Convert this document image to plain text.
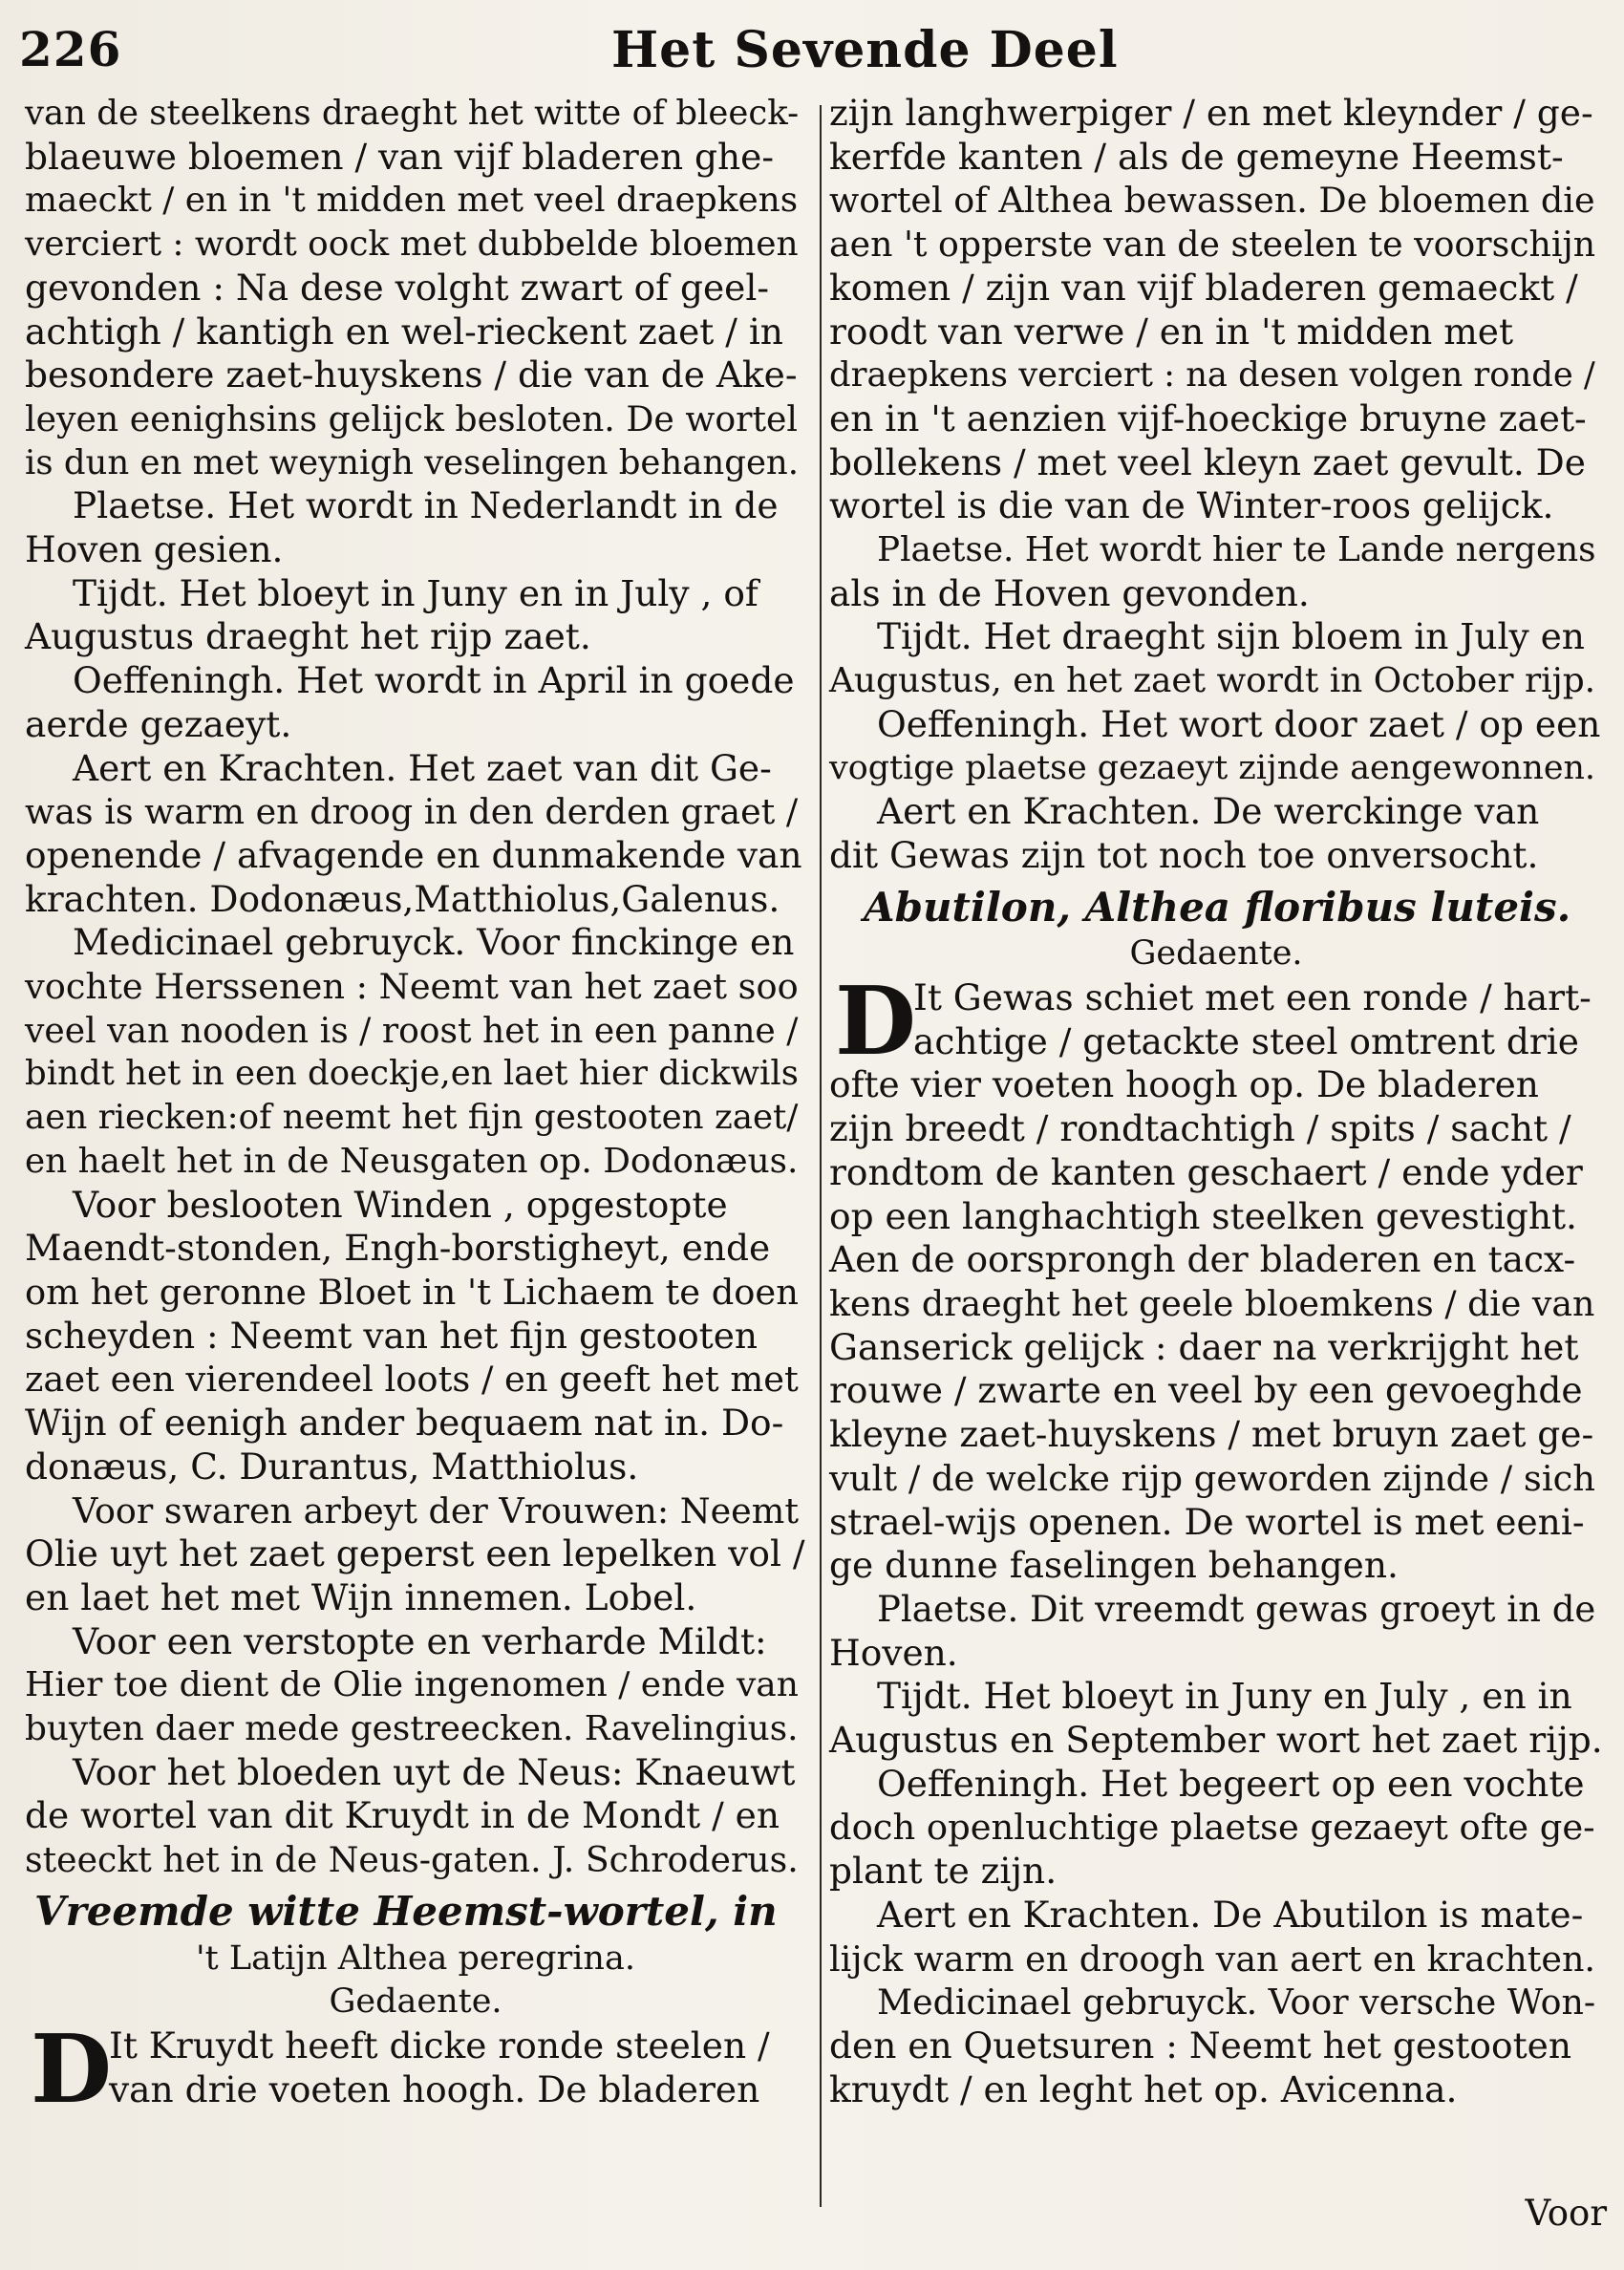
226	Het Sevende Deel
van de steelkens draeght het witte of bleeck-
blaeuwe bloemen / van vijf bladeren ghe-
maeckt / en in 't midden met veel draepkens
verciert : wordt oock met dubbelde bloemen
gevonden : Na dese volght zwart of geel-
achtigh / kantigh en wel-rieckent zaet / in
besondere zaet-huyskens / die van de Ake-
leyen eenighsins gelijck besloten. De wortel
is dun en met weynigh veselingen behangen.
Plaetse. Het wordt in Nederlandt in de
Hoven gesien.
Tijdt. Het bloeyt in Juny en in July , of
Augustus draeght het rijp zaet.
Oeffeningh. Het wordt in April in goede
aerde gezaeyt.
Aert en Krachten. Het zaet van dit Ge-
was is warm en droog in den derden graet /
openende / afvagende en dunmakende van
krachten. Dodonæus,Matthiolus,Galenus.
Medicinael gebruyck. Voor finckinge en
vochte Herssenen : Neemt van het zaet soo
veel van nooden is / roost het in een panne /
bindt het in een doeckje,en laet hier dickwils
aen riecken:of neemt het fijn gestooten zaet/
en haelt het in de Neusgaten op. Dodonæus.
Voor beslooten Winden , opgestopte
Maendt-stonden, Engh-borstigheyt, ende
om het geronne Bloet in 't Lichaem te doen
scheyden : Neemt van het fijn gestooten
zaet een vierendeel loots / en geeft het met
Wijn of eenigh ander bequaem nat in. Do-
donæus, C. Durantus, Matthiolus.
Voor swaren arbeyt der Vrouwen: Neemt
Olie uyt het zaet geperst een lepelken vol /
en laet het met Wijn innemen. Lobel.
Voor een verstopte en verharde Mildt:
Hier toe dient de Olie ingenomen / ende van
buyten daer mede gestreecken. Ravelingius.
Voor het bloeden uyt de Neus: Knaeuwt
de wortel van dit Kruydt in de Mondt / en
steeckt het in de Neus-gaten. J. Schroderus.
Vreemde witte Heemst-wortel, in
't Latijn Althea peregrina.
Gedaente.
D
It Kruydt heeft dicke ronde steelen /
van drie voeten hoogh. De bladeren
zijn langhwerpiger / en met kleynder / ge-
kerfde kanten / als de gemeyne Heemst-
wortel of Althea bewassen. De bloemen die
aen 't opperste van de steelen te voorschijn
komen / zijn van vijf bladeren gemaeckt /
roodt van verwe / en in 't midden met
draepkens verciert : na desen volgen ronde /
en in 't aenzien vijf-hoeckige bruyne zaet-
bollekens / met veel kleyn zaet gevult. De
wortel is die van de Winter-roos gelijck.
Plaetse. Het wordt hier te Lande nergens
als in de Hoven gevonden.
Tijdt. Het draeght sijn bloem in July en
Augustus, en het zaet wordt in October rijp.
Oeffeningh. Het wort door zaet / op een
vogtige plaetse gezaeyt zijnde aengewonnen.
Aert en Krachten. De werckinge van
dit Gewas zijn tot noch toe onversocht.
Abutilon, Althea floribus luteis.
Gedaente.
D
It Gewas schiet met een ronde / hart-
achtige / getackte steel omtrent drie
ofte vier voeten hoogh op. De bladeren
zijn breedt / rondtachtigh / spits / sacht /
rondtom de kanten geschaert / ende yder
op een langhachtigh steelken gevestight.
Aen de oorsprongh der bladeren en tacx-
kens draeght het geele bloemkens / die van
Ganserick gelijck : daer na verkrijght het
rouwe / zwarte en veel by een gevoeghde
kleyne zaet-huyskens / met bruyn zaet ge-
vult / de welcke rijp geworden zijnde / sich
strael-wijs openen. De wortel is met eeni-
ge dunne faselingen behangen.
Plaetse. Dit vreemdt gewas groeyt in de
Hoven.
Tijdt. Het bloeyt in Juny en July , en in
Augustus en September wort het zaet rijp.
Oeffeningh. Het begeert op een vochte
doch openluchtige plaetse gezaeyt ofte ge-
plant te zijn.
Aert en Krachten. De Abutilon is mate-
lijck warm en droogh van aert en krachten.
Medicinael gebruyck. Voor versche Won-
den en Quetsuren : Neemt het gestooten
kruydt / en leght het op. Avicenna.
Voor
